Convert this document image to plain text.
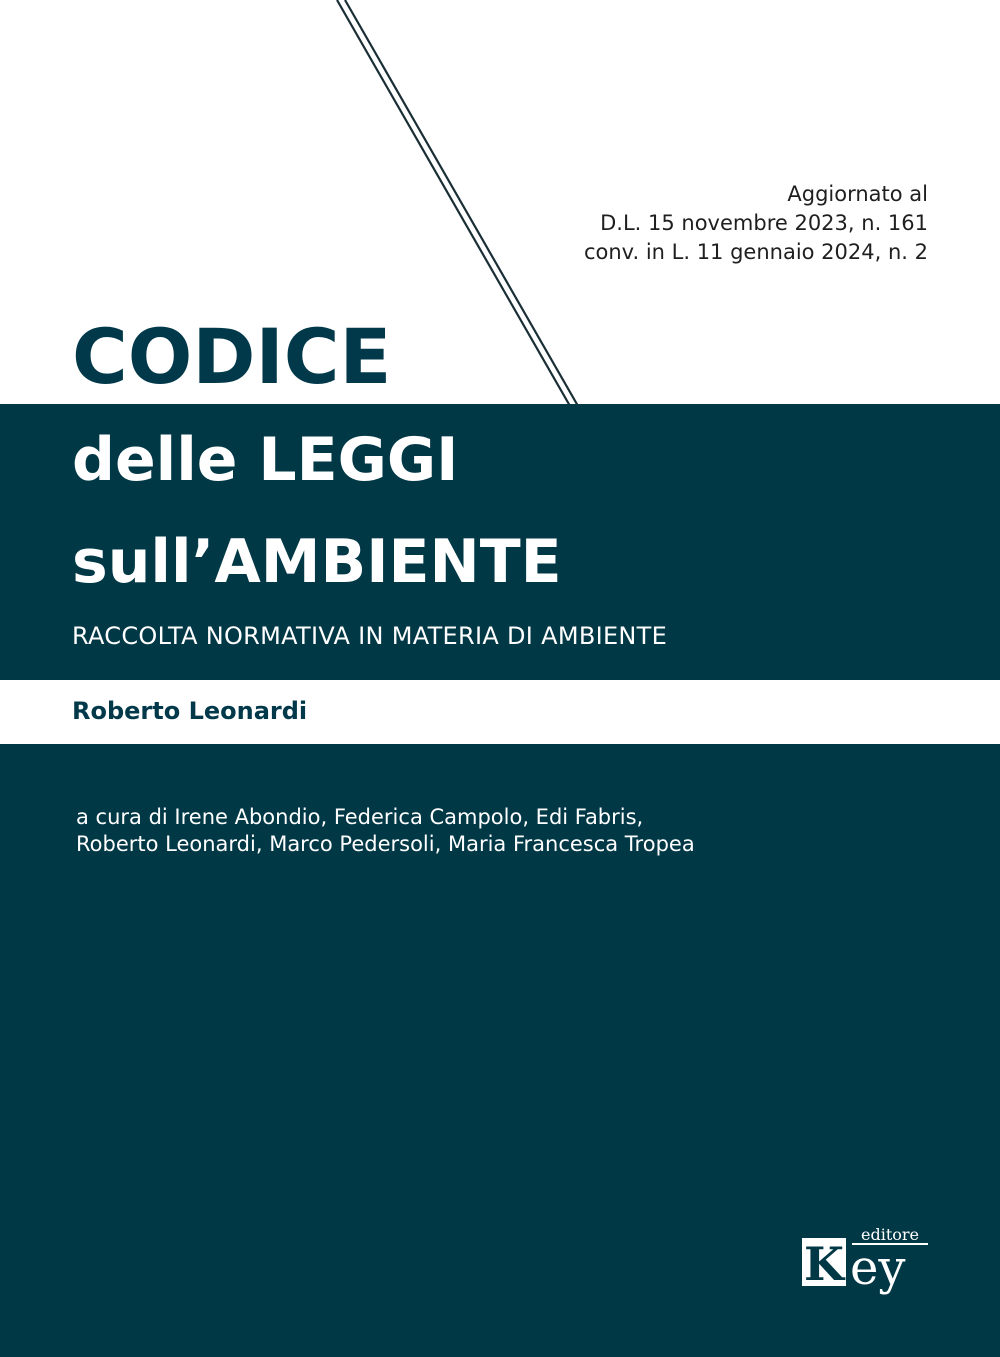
Aggiornato al
D.L. 15 novembre 2023, n. 161
conv. in L. 11 gennaio 2024, n. 2
CODICE
delle LEGGI
sull’AMBIENTE
RACCOLTA NORMATIVA IN MATERIA DI AMBIENTE
Roberto Leonardi
a cura di Irene Abondio, Federica Campolo, Edi Fabris,
Roberto Leonardi, Marco Pedersoli, Maria Francesca Tropea
K
editore
ey
